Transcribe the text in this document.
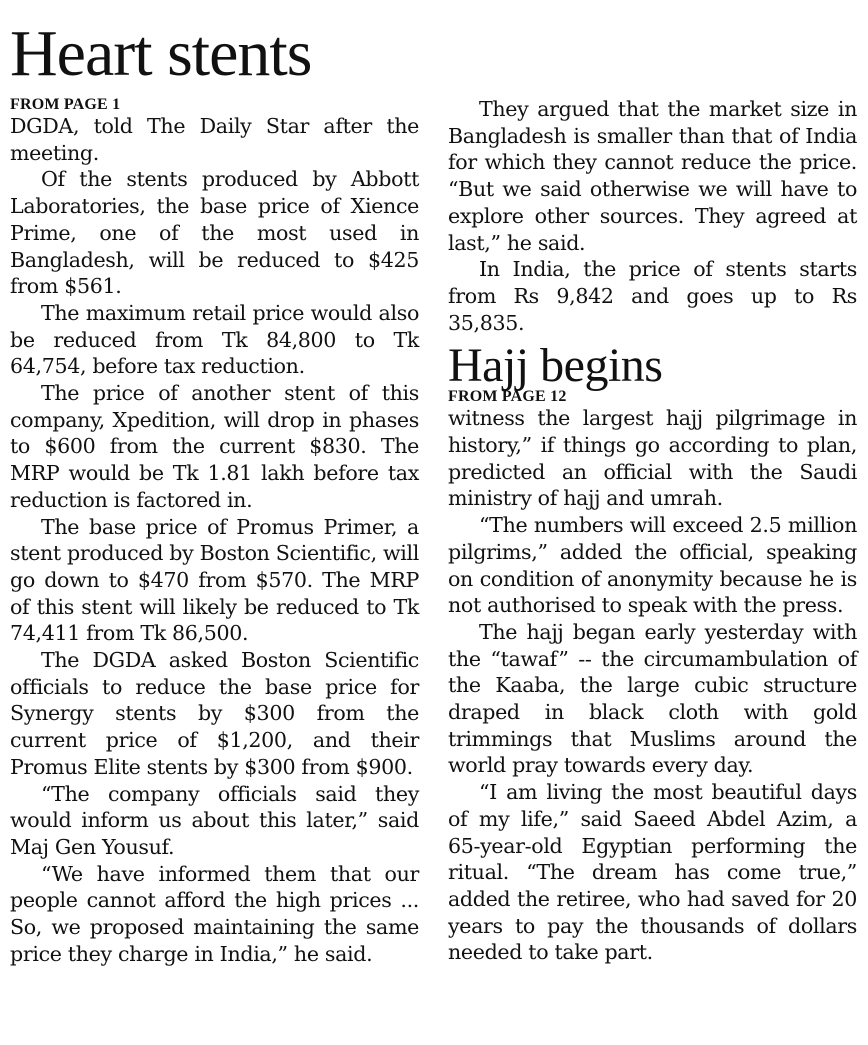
Heart stents

FROM PAGE 1

DGDA, told The Daily Star after the meeting.

Of the stents produced by Abbott Laboratories, the base price of Xience Prime, one of the most used in Bangladesh, will be reduced to $425 from $561.

The maximum retail price would also be reduced from Tk 84,800 to Tk 64,754, before tax reduction.

The price of another stent of this company, Xpedition, will drop in phases to $600 from the current $830. The MRP would be Tk 1.81 lakh before tax reduction is factored in.

The base price of Promus Primer, a stent produced by Boston Scientific, will go down to $470 from $570. The MRP of this stent will likely be reduced to Tk 74,411 from Tk 86,500.

The DGDA asked Boston Scientific officials to reduce the base price for Synergy stents by $300 from the current price of $1,200, and their Promus Elite stents by $300 from $900.

“The company officials said they would inform us about this later,” said Maj Gen Yousuf.

“We have informed them that our people cannot afford the high prices ... So, we proposed maintaining the same price they charge in India,” he said.

They argued that the market size in Bangladesh is smaller than that of India for which they cannot reduce the price. “But we said otherwise we will have to explore other sources. They agreed at last,” he said.

In India, the price of stents starts from Rs 9,842 and goes up to Rs 35,835.

Hajj begins

FROM PAGE 12

witness the largest hajj pilgrimage in history,” if things go according to plan, predicted an official with the Saudi ministry of hajj and umrah.

“The numbers will exceed 2.5 million pilgrims,” added the official, speaking on condition of anonymity because he is not authorised to speak with the press.

The hajj began early yesterday with the “tawaf” -- the circumambulation of the Kaaba, the large cubic structure draped in black cloth with gold trimmings that Muslims around the world pray towards every day.

“I am living the most beautiful days of my life,” said Saeed Abdel Azim, a 65-year-old Egyptian performing the ritual. “The dream has come true,” added the retiree, who had saved for 20 years to pay the thousands of dollars needed to take part.
